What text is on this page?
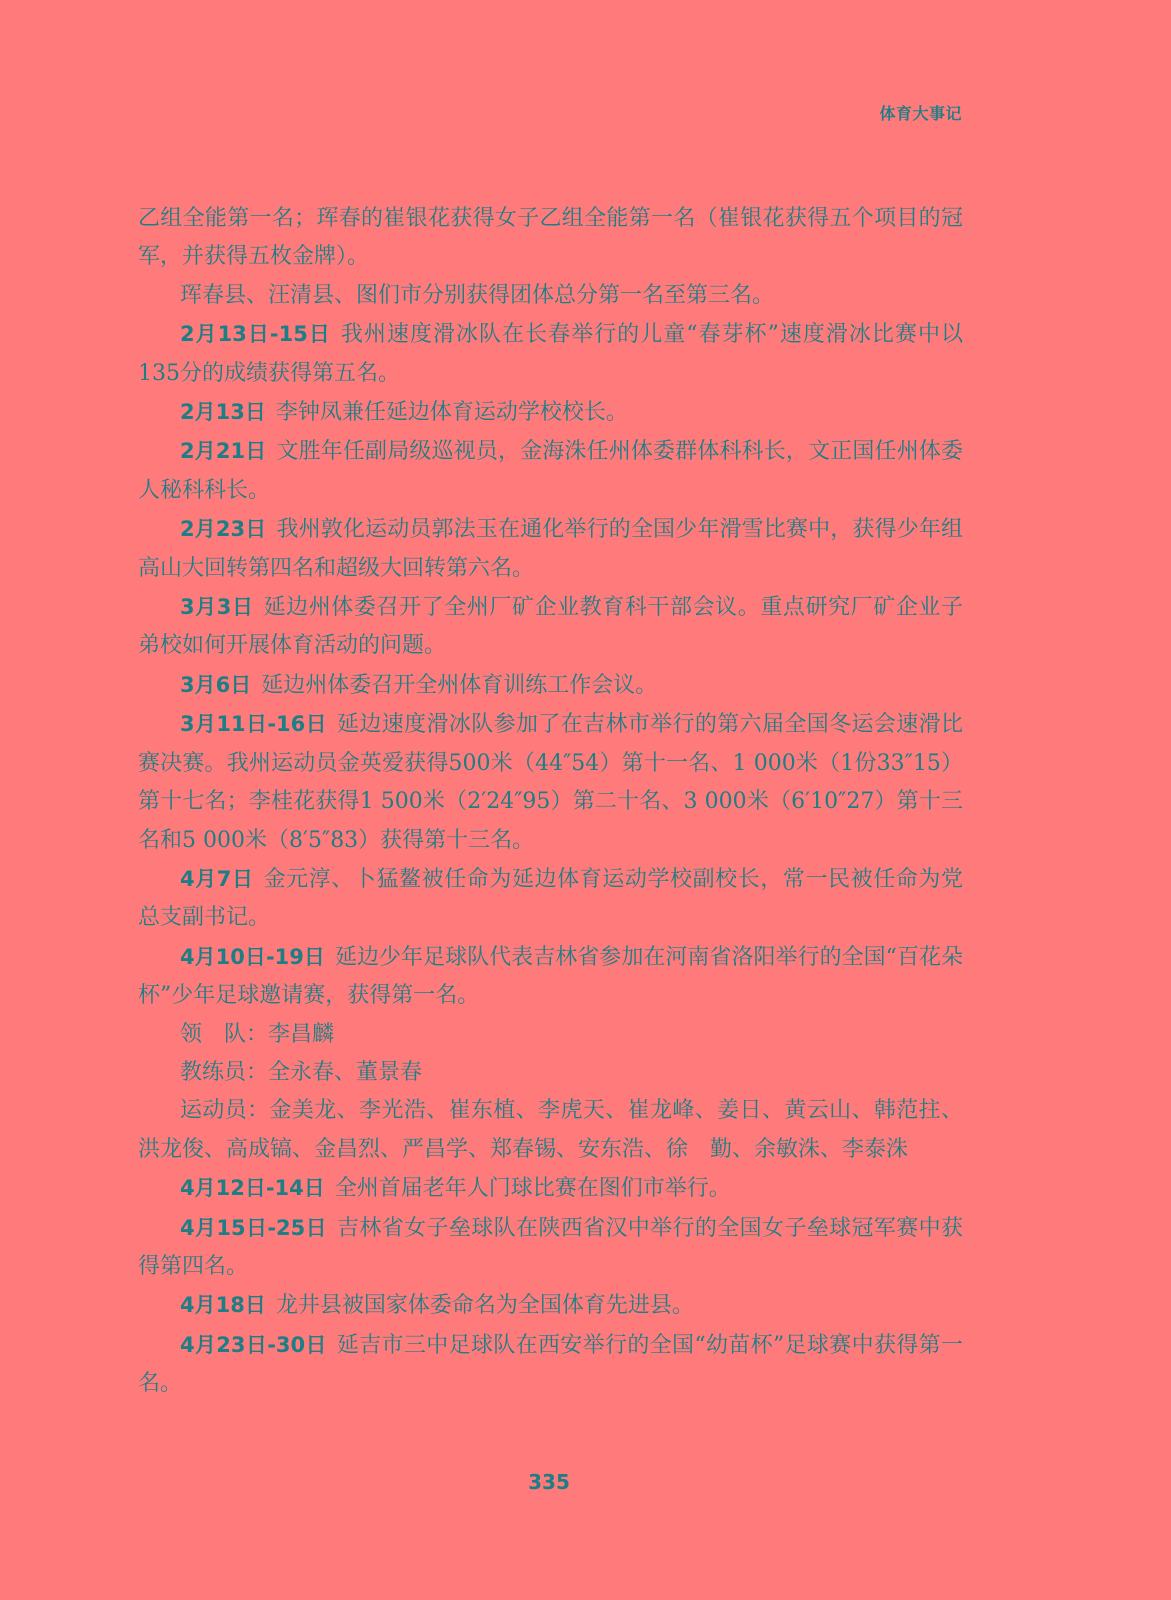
体育大事记

乙组全能第一名；珲春的崔银花获得女子乙组全能第一名（崔银花获得五个项目的冠军，并获得五枚金牌）。

珲春县、汪清县、图们市分别获得团体总分第一名至第三名。

2月13日-15日 我州速度滑冰队在长春举行的儿童“春芽杯”速度滑冰比赛中以135分的成绩获得第五名。

2月13日 李钟凤兼任延边体育运动学校校长。

2月21日 文胜年任副局级巡视员，金海洙任州体委群体科科长，文正国任州体委人秘科科长。

2月23日 我州敦化运动员郭法玉在通化举行的全国少年滑雪比赛中，获得少年组高山大回转第四名和超级大回转第六名。

3月3日 延边州体委召开了全州厂矿企业教育科干部会议。重点研究厂矿企业子弟校如何开展体育活动的问题。

3月6日 延边州体委召开全州体育训练工作会议。

3月11日-16日 延边速度滑冰队参加了在吉林市举行的第六届全国冬运会速滑比赛决赛。我州运动员金英爱获得500米（44″54）第十一名、1 000米（1份33″15）第十七名；李桂花获得1 500米（2′24″95）第二十名、3 000米（6′10″27）第十三名和5 000米（8′5″83）获得第十三名。

4月7日 金元淳、卜猛鳌被任命为延边体育运动学校副校长，常一民被任命为党总支副书记。

4月10日-19日 延边少年足球队代表吉林省参加在河南省洛阳举行的全国“百花朵杯”少年足球邀请赛，获得第一名。

领　队：李昌麟

教练员：全永春、董景春

运动员：金美龙、李光浩、崔东植、李虎天、崔龙峰、姜日、黄云山、韩范拄、洪龙俊、高成镐、金昌烈、严昌学、郑春锡、安东浩、徐　勤、余敏洙、李泰洙

4月12日-14日 全州首届老年人门球比赛在图们市举行。

4月15日-25日 吉林省女子垒球队在陕西省汉中举行的全国女子垒球冠军赛中获得第四名。

4月18日 龙井县被国家体委命名为全国体育先进县。

4月23日-30日 延吉市三中足球队在西安举行的全国“幼苗杯”足球赛中获得第一名。

335
